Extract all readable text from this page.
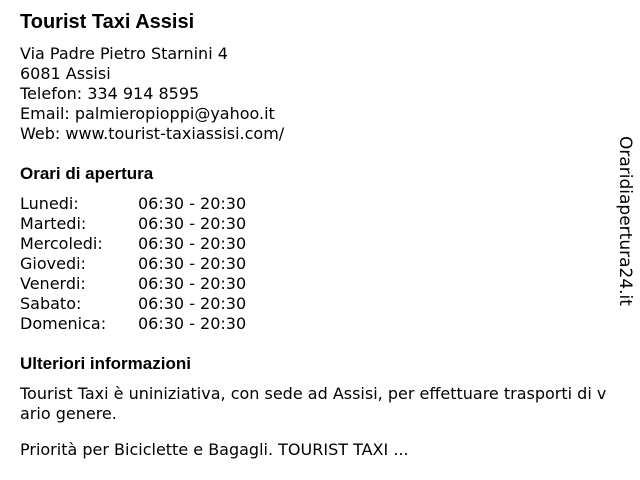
Tourist Taxi Assisi
Via Padre Pietro Starnini 4
6081 Assisi
Telefon: 334 914 8595
Email: palmieropioppi@yahoo.it
Web: www.tourist-taxiassisi.com/
Orari di apertura
Lunedi:	06:30 - 20:30
Martedi:	06:30 - 20:30
Mercoledi: 06:30 - 20:30
Giovedi:	06:30 - 20:30
Venerdi:	06:30 - 20:30
Sabato:	06:30 - 20:30
Domenica: 06:30 - 20:30
Ulteriori informazioni

Tourist Taxi è uniniziativa, con sede ad Assisi, per effettuare trasporti di vario genere.

Priorità per Biciclette e Bagagli. TOURIST TAXI ...

Oraridiapertura24.it
